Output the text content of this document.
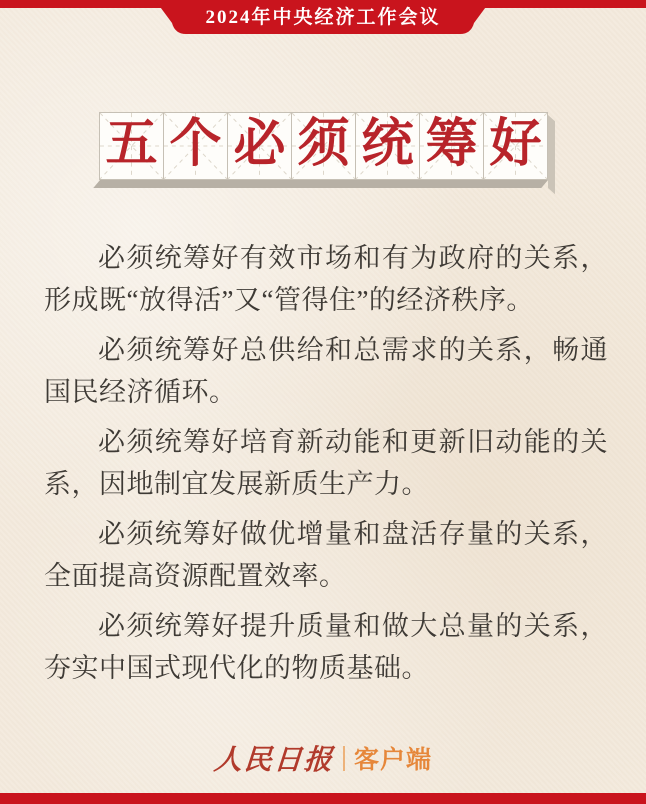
2024年中央经济工作会议
五 个 必 须 统 筹 好

必须统筹好有效市场和有为政府的关系，形成既“放得活”又“管得住”的经济秩序。

必须统筹好总供给和总需求的关系，畅通国民经济循环。

必须统筹好培育新动能和更新旧动能的关系，因地制宜发展新质生产力。

必须统筹好做优增量和盘活存量的关系，全面提高资源配置效率。

必须统筹好提升质量和做大总量的关系，夯实中国式现代化的物质基础。

人民日报 客户端
